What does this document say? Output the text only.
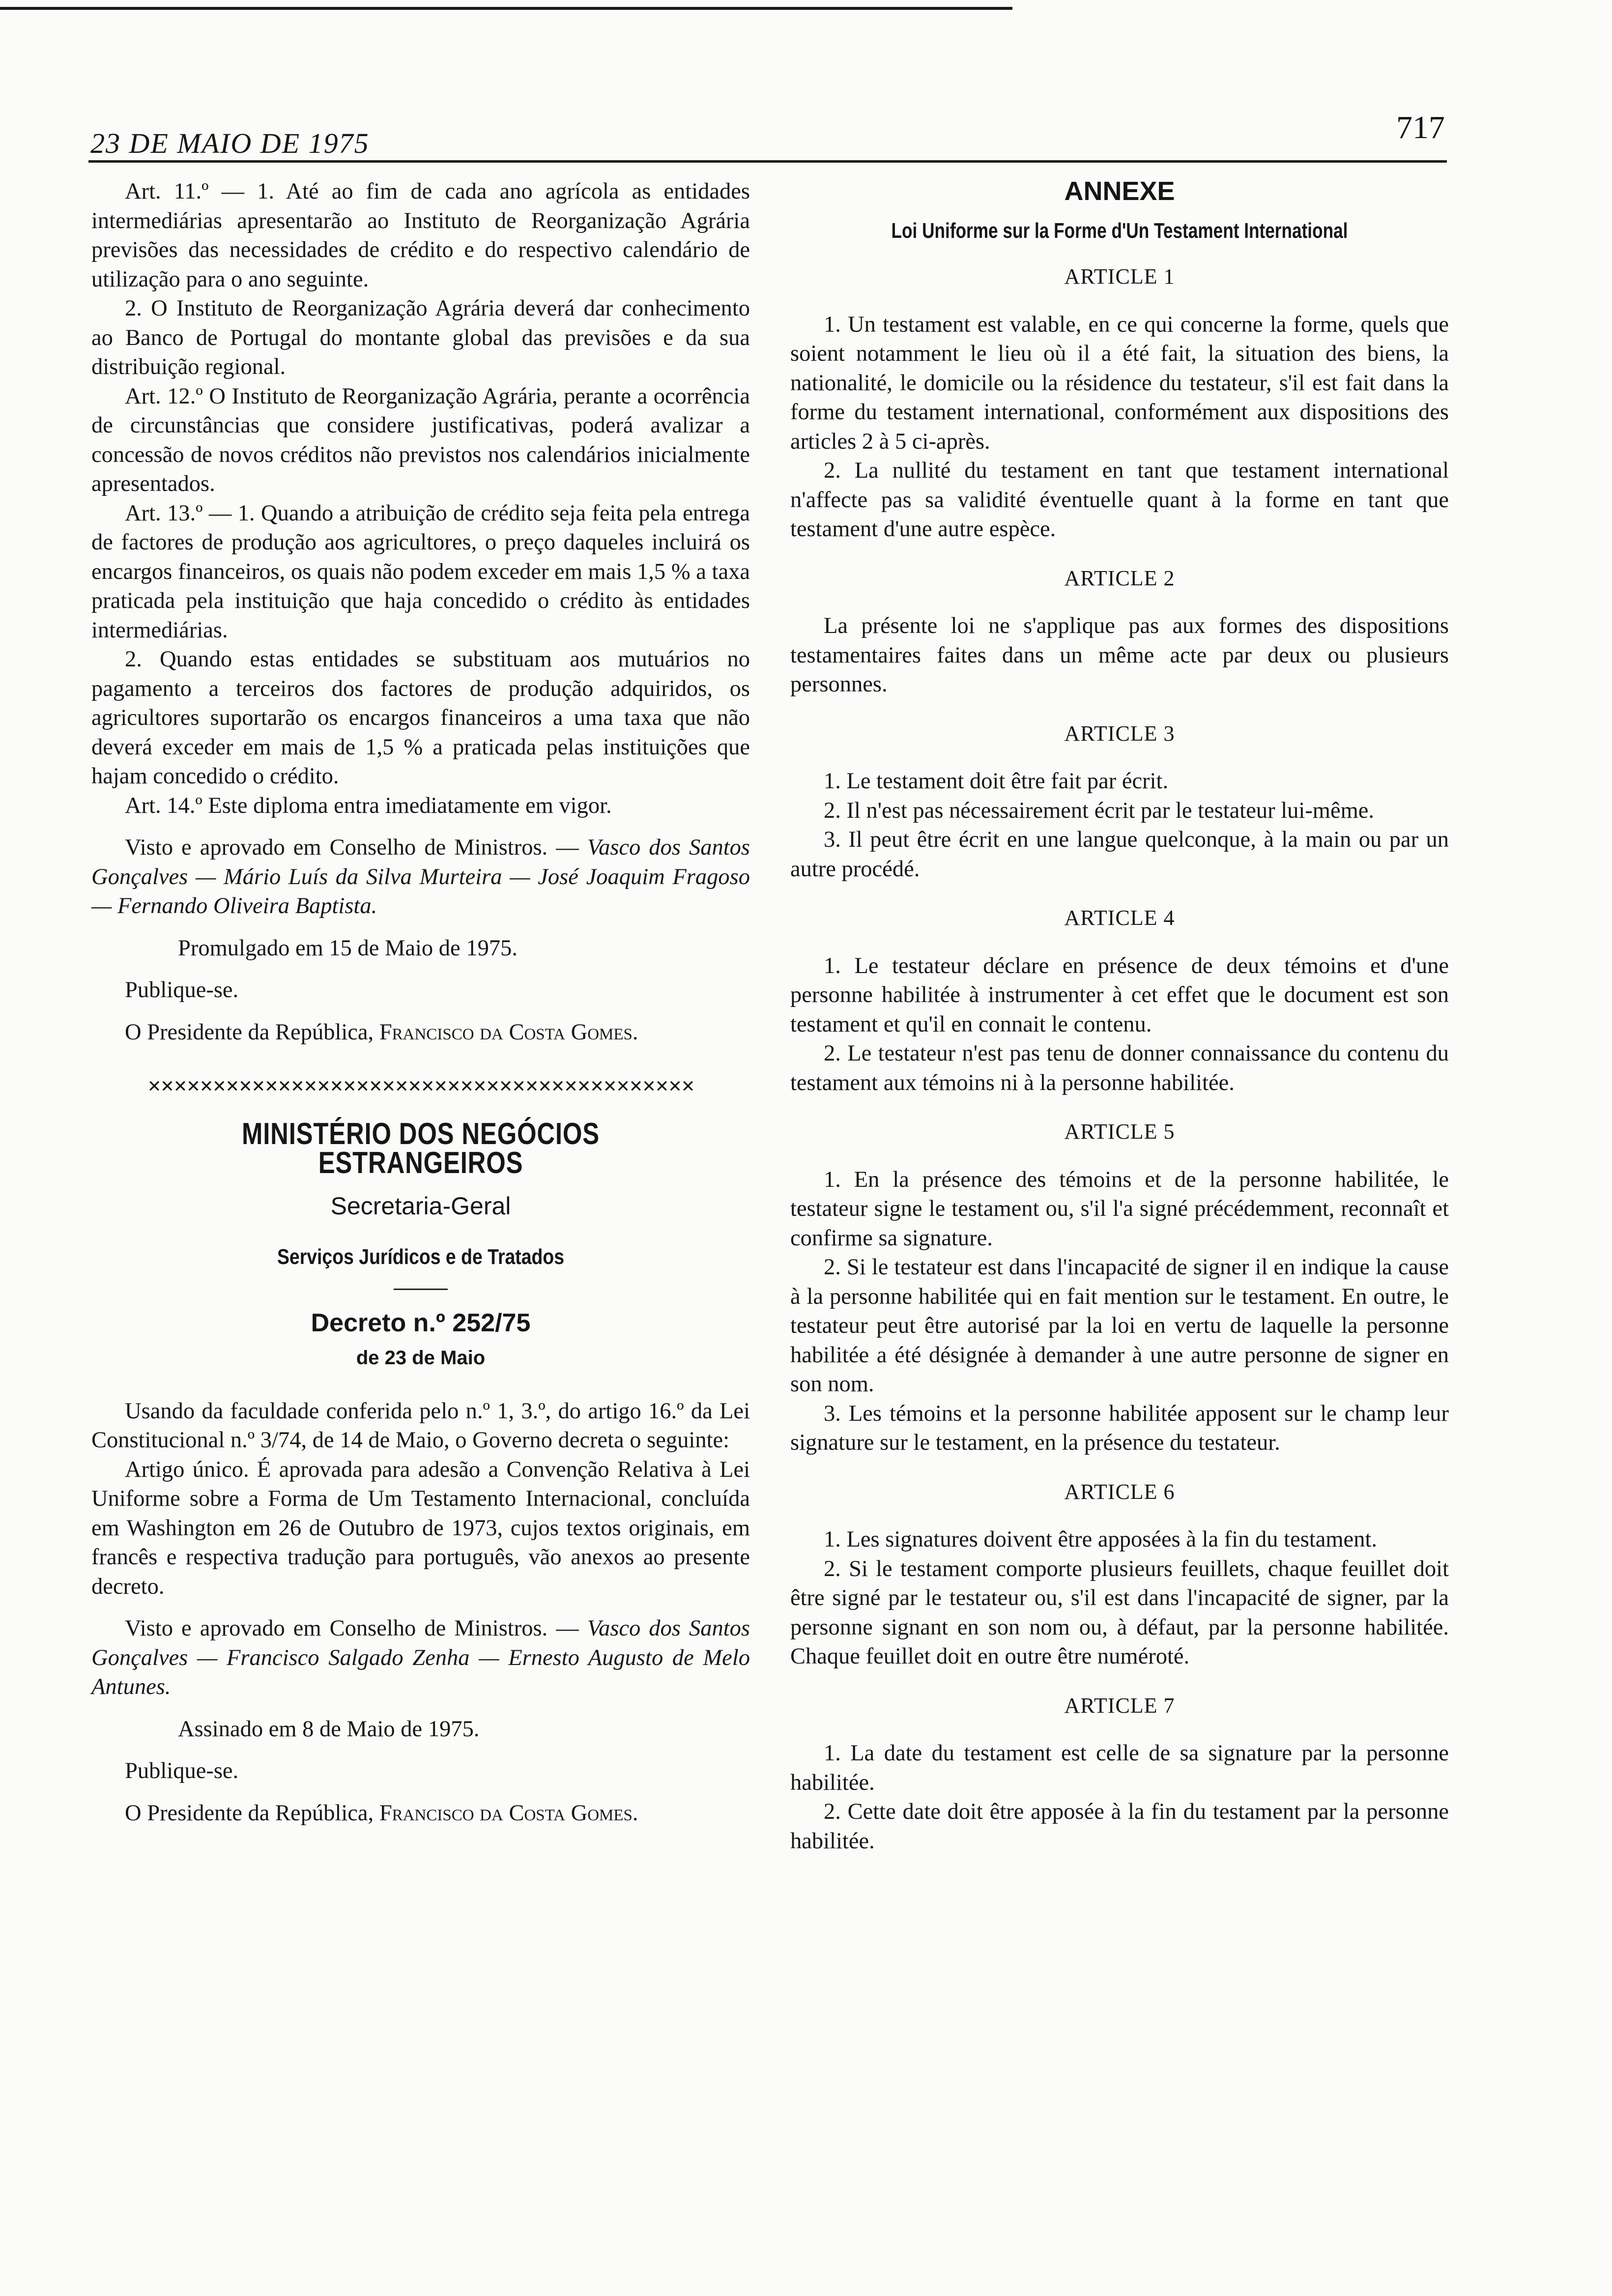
23 DE MAIO DE 1975	717

Art. 11.º — 1. Até ao fim de cada ano agrícola as entidades intermediárias apresentarão ao Instituto de Reorganização Agrária previsões das necessidades de crédito e do respectivo calendário de utilização para o ano seguinte.

2. O Instituto de Reorganização Agrária deverá dar conhecimento ao Banco de Portugal do montante global das previsões e da sua distribuição regional.

Art. 12.º O Instituto de Reorganização Agrária, perante a ocorrência de circunstâncias que considere justificativas, poderá avalizar a concessão de novos créditos não previstos nos calendários inicialmente apresentados.

Art. 13.º — 1. Quando a atribuição de crédito seja feita pela entrega de factores de produção aos agricultores, o preço daqueles incluirá os encargos financeiros, os quais não podem exceder em mais 1,5 % a taxa praticada pela instituição que haja concedido o crédito às entidades intermediárias.

2. Quando estas entidades se substituam aos mutuários no pagamento a terceiros dos factores de produção adquiridos, os agricultores suportarão os encargos financeiros a uma taxa que não deverá exceder em mais de 1,5 % a praticada pelas instituições que hajam concedido o crédito.

Art. 14.º Este diploma entra imediatamente em vigor.

Visto e aprovado em Conselho de Ministros. — Vasco dos Santos Gonçalves — Mário Luís da Silva Murteira — José Joaquim Fragoso — Fernando Oliveira Baptista.

Promulgado em 15 de Maio de 1975.

Publique-se.

O Presidente da República, Francisco da Costa Gomes.

✕✕✕✕✕✕✕✕✕✕✕✕✕✕✕✕✕✕✕✕✕✕✕✕✕✕✕✕✕✕✕✕✕✕✕✕✕✕✕✕✕✕
MINISTÉRIO DOS NEGÓCIOS ESTRANGEIROS
Secretaria-Geral
Serviços Jurídicos e de Tratados
Decreto n.º 252/75
de 23 de Maio

Usando da faculdade conferida pelo n.º 1, 3.º, do artigo 16.º da Lei Constitucional n.º 3/74, de 14 de Maio, o Governo decreta o seguinte:

Artigo único. É aprovada para adesão a Convenção Relativa à Lei Uniforme sobre a Forma de Um Testamento Internacional, concluída em Washington em 26 de Outubro de 1973, cujos textos originais, em francês e respectiva tradução para português, vão anexos ao presente decreto.

Visto e aprovado em Conselho de Ministros. — Vasco dos Santos Gonçalves — Francisco Salgado Zenha — Ernesto Augusto de Melo Antunes.

Assinado em 8 de Maio de 1975.

Publique-se.

O Presidente da República, Francisco da Costa Gomes.

ANNEXE
Loi Uniforme sur la Forme d'Un Testament International
ARTICLE 1

1. Un testament est valable, en ce qui concerne la forme, quels que soient notamment le lieu où il a été fait, la situation des biens, la nationalité, le domicile ou la résidence du testateur, s'il est fait dans la forme du testament international, conformément aux dispositions des articles 2 à 5 ci-après.

2. La nullité du testament en tant que testament international n'affecte pas sa validité éventuelle quant à la forme en tant que testament d'une autre espèce.

ARTICLE 2

La présente loi ne s'applique pas aux formes des dispositions testamentaires faites dans un même acte par deux ou plusieurs personnes.

ARTICLE 3

1. Le testament doit être fait par écrit.

2. Il n'est pas nécessairement écrit par le testateur lui-même.

3. Il peut être écrit en une langue quelconque, à la main ou par un autre procédé.

ARTICLE 4

1. Le testateur déclare en présence de deux témoins et d'une personne habilitée à instrumenter à cet effet que le document est son testament et qu'il en connait le contenu.

2. Le testateur n'est pas tenu de donner connaissance du contenu du testament aux témoins ni à la personne habilitée.

ARTICLE 5

1. En la présence des témoins et de la personne habilitée, le testateur signe le testament ou, s'il l'a signé précédemment, reconnaît et confirme sa signature.

2. Si le testateur est dans l'incapacité de signer il en indique la cause à la personne habilitée qui en fait mention sur le testament. En outre, le testateur peut être autorisé par la loi en vertu de laquelle la personne habilitée a été désignée à demander à une autre personne de signer en son nom.

3. Les témoins et la personne habilitée apposent sur le champ leur signature sur le testament, en la présence du testateur.

ARTICLE 6

1. Les signatures doivent être apposées à la fin du testament.

2. Si le testament comporte plusieurs feuillets, chaque feuillet doit être signé par le testateur ou, s'il est dans l'incapacité de signer, par la personne signant en son nom ou, à défaut, par la personne habilitée. Chaque feuillet doit en outre être numéroté.

ARTICLE 7

1. La date du testament est celle de sa signature par la personne habilitée.

2. Cette date doit être apposée à la fin du testament par la personne habilitée.
